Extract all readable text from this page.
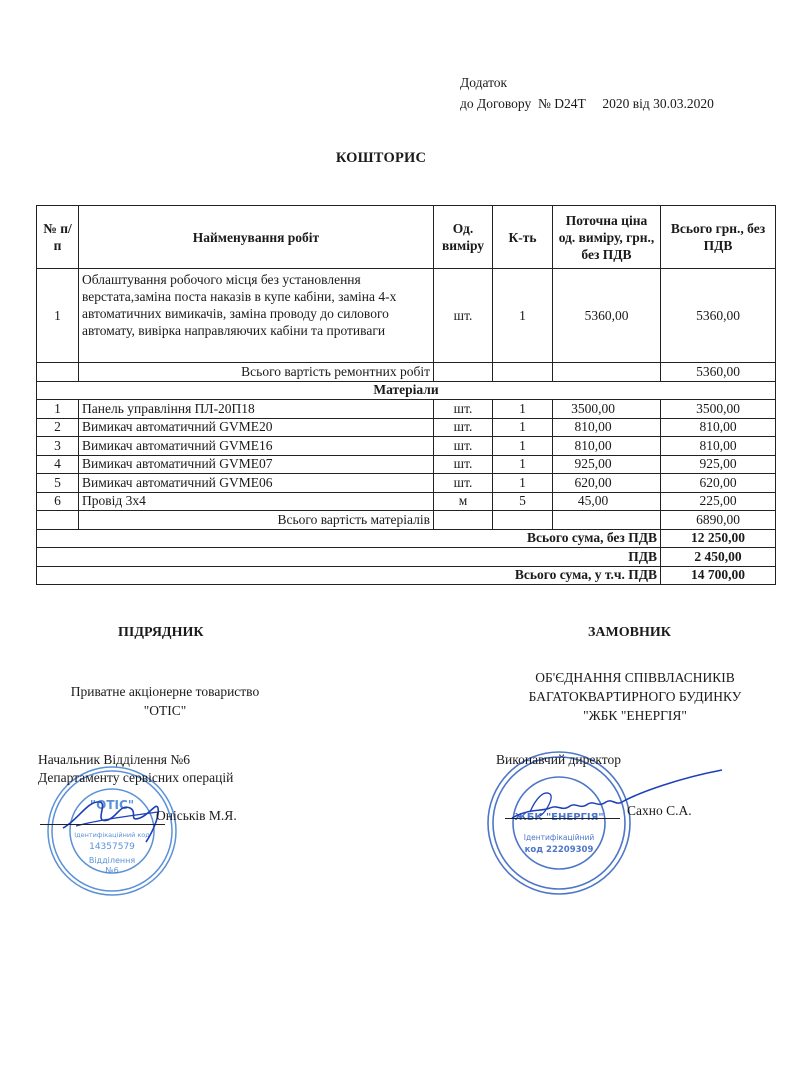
Додаток
до Договору  № D24T     2020 від 30.03.2020
КОШТОРИС
№ п/п	Найменування робіт	Од. виміру	К-ть	Поточна ціна од. виміру, грн., без ПДВ	Всього грн., без ПДВ
1	Облаштування робочого місця без установлення верстата,заміна поста наказів в купе кабіни, заміна 4-х автоматичних вимикачів, заміна проводу до силового автомату, вивірка направляючих кабіни та противаги	шт.	1	5360,00	5360,00
	Всього вартість ремонтних робіт				5360,00
Матеріали					
1	Панель управління ПЛ-20П18	шт.	1	3500,00	3500,00
2	Вимикач автоматичний GVME20	шт.	1	810,00	810,00
3	Вимикач автоматичний GVME16	шт.	1	810,00	810,00
4	Вимикач автоматичний GVME07	шт.	1	925,00	925,00
5	Вимикач автоматичний GVME06	шт.	1	620,00	620,00
6	Провід 3х4	м	5	45,00	225,00
	Всього вартість матеріалів				6890,00
Всього сума, без ПДВ					12 250,00
ПДВ					2 450,00
Всього сума, у т.ч. ПДВ					14 700,00
ПІДРЯДНИК
Приватне акціонерне товариство
"ОТІС"
"ОТІС"
Ідентифікаційний код
14357579
Відділення
№6
Начальник Відділення №6
Департаменту сервісних операцій
Оніськів М.Я.
ЗАМОВНИК
ОБ'ЄДНАННЯ СПІВВЛАСНИКІВ
БАГАТОКВАРТИРНОГО БУДИНКУ
"ЖБК "ЕНЕРГІЯ"
ЖБК "ЕНЕРГІЯ"
Ідентифікаційний
код 22209309
Виконавчий директор
Сахно С.А.
